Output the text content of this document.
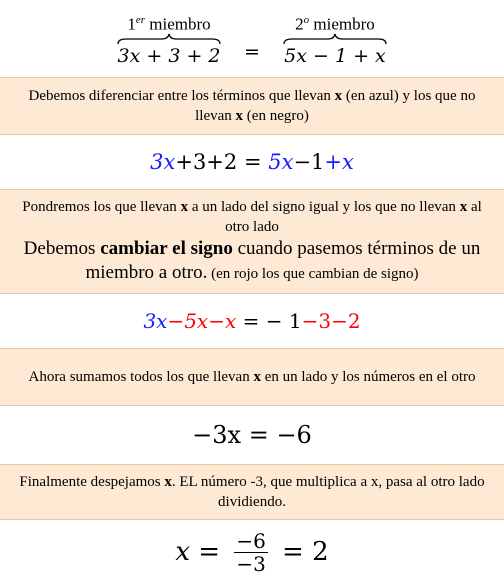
1er miembro
3x + 3 + 2 =
$2^o$ miembro
5x − 1 + x
Debemos diferenciar entre los términos que llevan x (en azul) y los que no llevan x (en negro)
3x +3+2 = 5x −1 +x
Pondremos los que llevan x a un lado del signo igual y los que no llevan x al otro lado
Debemos cambiar el signo cuando pasemos términos de un miembro a otro. (en rojo los que cambian de signo)
3x −5x−x = − 1 −3−2
Ahora sumamos todos los que llevan x en un lado y los números en el otro
−3x = −6
Finalmente despejamos x. EL número -3, que multiplica a x, pasa al otro lado dividiendo.
$x = \frac{-6}{-3} = 2$
